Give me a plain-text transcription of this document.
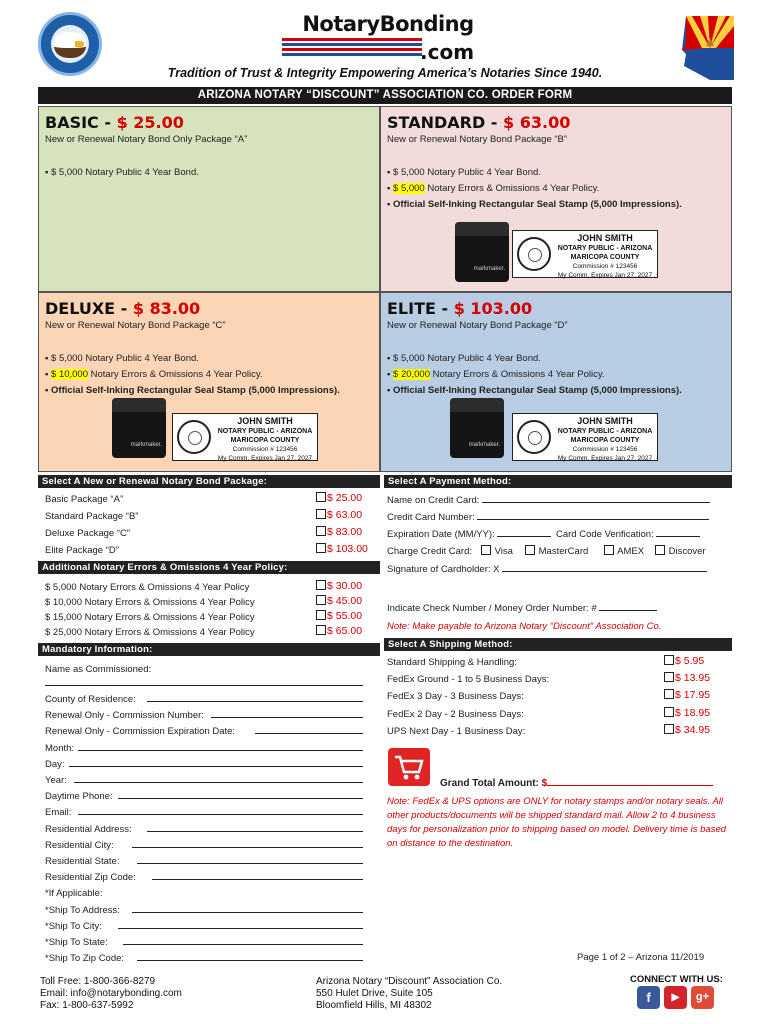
NotaryBonding
.com
Tradition of Trust & Integrity Empowering America’s Notaries Since 1940.
ARIZONA NOTARY “DISCOUNT” ASSOCIATION CO. ORDER FORM
BASIC - $ 25.00
New or Renewal Notary Bond Only Package “A”
▪ $ 5,000 Notary Public 4 Year Bond.
STANDARD - $ 63.00
New or Renewal Notary Bond Package “B”
▪ $ 5,000 Notary Public 4 Year Bond.
▪ $ 5,000 Notary Errors & Omissions 4 Year Policy.
▪ Official Self-Inking Rectangular Seal Stamp (5,000 Impressions).
DELUXE - $ 83.00
New or Renewal Notary Bond Package “C”
▪ $ 5,000 Notary Public 4 Year Bond.
▪ $ 10,000 Notary Errors & Omissions 4 Year Policy.
▪ Official Self-Inking Rectangular Seal Stamp (5,000 Impressions).
ELITE - $ 103.00
New or Renewal Notary Bond Package “D”
▪ $ 5,000 Notary Public 4 Year Bond.
▪ $ 20,000 Notary Errors & Omissions 4 Year Policy.
▪ Official Self-Inking Rectangular Seal Stamp (5,000 Impressions).
markmaker.
JOHN SMITH
NOTARY PUBLIC - ARIZONA
MARICOPA COUNTY
Commission # 123456
My Comm. Expires Jan 27, 2027
markmaker.
JOHN SMITH
NOTARY PUBLIC - ARIZONA
MARICOPA COUNTY
Commission # 123456
My Comm. Expires Jan 27, 2027
markmaker.
JOHN SMITH
NOTARY PUBLIC - ARIZONA
MARICOPA COUNTY
Commission # 123456
My Comm. Expires Jan 27, 2027
Select A New or Renewal Notary Bond Package:
Basic Package “A”	$ 25.00
Standard Package “B”	$ 63.00
Deluxe Package “C”	$ 83.00
Elite Package “D”	$ 103.00
Additional Notary Errors & Omissions 4 Year Policy:
$ 5,000 Notary Errors & Omissions 4 Year Policy	$ 30.00
$ 10,000 Notary Errors & Omissions 4 Year Policy	$ 45.00
$ 15,000 Notary Errors & Omissions 4 Year Policy	$ 55.00
$ 25,000 Notary Errors & Omissions 4 Year Policy	$ 65.00
Mandatory Information:
Name as Commissioned:
County of Residence:
Renewal Only - Commission Number:
Renewal Only - Commission Expiration Date:
Month:
Day:
Year:
Daytime Phone:
Email:
Residential Address:
Residential City:
Residential State:
Residential Zip Code:
*If Applicable:
*Ship To Address:
*Ship To City:
*Ship To State:
*Ship To Zip Code:
Select A Payment Method:
Name on Credit Card:
Credit Card Number:
Expiration Date (MM/YY):	Card Code Verification:
Charge Credit Card:	Visa	MasterCard	AMEX	Discover
Signature of Cardholder: X
Indicate Check Number / Money Order Number: #
Note: Make payable to Arizona Notary “Discount” Association Co.
Select A Shipping Method:
Standard Shipping & Handling:	$ 5.95
FedEx Ground - 1 to 5 Business Days:	$ 13.95
FedEx 3 Day - 3 Business Days:	$ 17.95
FedEx 2 Day - 2 Business Days:	$ 18.95
UPS Next Day - 1 Business Day:	$ 34.95
Grand Total Amount: $
Note: FedEx & UPS options are ONLY for notary stamps and/or notary seals. All other products/documents will be shipped standard mail. Allow 2 to 4 business days for personalization prior to shipping based on model. Delivery time is based on distance to the destination.
Page 1 of 2 – Arizona 11/2019
Toll Free: 1-800-366-8279
Email: info@notarybonding.com
Fax: 1-800-637-5992
Arizona Notary “Discount” Association Co.
550 Hulet Drive, Suite 105
Bloomfield Hills, MI 48302
CONNECT WITH US:
f	▶	g+
